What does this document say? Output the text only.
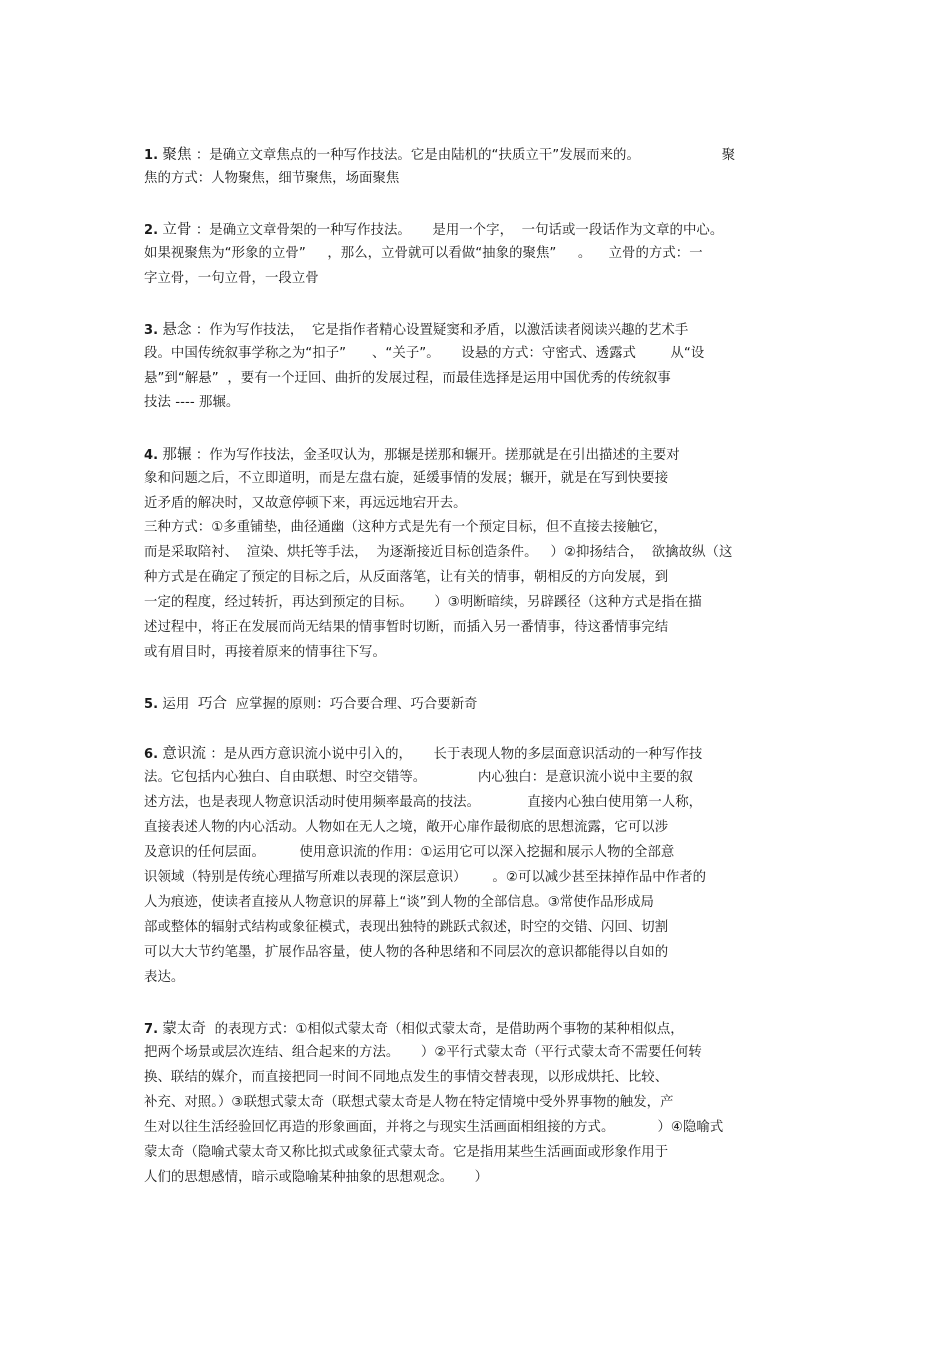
1. 聚焦 ：是确立文章焦点的一种写作技法。它是由陆机的“扶质立干”发展而来的。                   聚
焦的方式：人物聚焦，细节聚焦，场面聚焦
2. 立骨 ：是确立文章骨架的一种写作技法。     是用一个字，  一句话或一段话作为文章的中心。
如果视聚焦为“形象的立骨”     ，那么，立骨就可以看做“抽象的聚焦”     。    立骨的方式：一
字立骨，一句立骨，一段立骨
3. 悬念 ：作为写作技法，  它是指作者精心设置疑窦和矛盾，以激活读者阅读兴趣的艺术手
段。中国传统叙事学称之为“扣子”      、“关子”。     设悬的方式：守密式、透露式        从“设
悬”到“解悬”  ，要有一个迂回、曲折的发展过程，而最佳选择是运用中国优秀的传统叙事
技法 ---- 那辗。
4. 那辗 ：作为写作技法，金圣叹认为，那辗是搓那和辗开。搓那就是在引出描述的主要对
象和问题之后，不立即道明，而是左盘右旋，延缓事情的发展；辗开，就是在写到快要接
近矛盾的解决时，又故意停顿下来，再远远地宕开去。
三种方式：①多重铺垫，曲径通幽（这种方式是先有一个预定目标，但不直接去接触它，
而是采取陪衬、  渲染、烘托等手法，  为逐渐接近目标创造条件。   ）②抑扬结合，  欲擒故纵（这
种方式是在确定了预定的目标之后，从反面落笔，让有关的情事，朝相反的方向发展，到
一定的程度，经过转折，再达到预定的目标。     ）③明断暗续，另辟蹊径（这种方式是指在描
述过程中，将正在发展而尚无结果的情事暂时切断，而插入另一番情事，待这番情事完结
或有眉目时，再接着原来的情事往下写。
5. 运用  巧合  应掌握的原则：巧合要合理、巧合要新奇
6. 意识流 ：是从西方意识流小说中引入的，     长于表现人物的多层面意识活动的一种写作技
法。它包括内心独白、自由联想、时空交错等。            内心独白：是意识流小说中主要的叙
述方法，也是表现人物意识活动时使用频率最高的技法。           直接内心独白使用第一人称，
直接表述人物的内心活动。人物如在无人之境，敞开心扉作最彻底的思想流露，它可以涉
及意识的任何层面。        使用意识流的作用：①运用它可以深入挖掘和展示人物的全部意
识领域（特别是传统心理描写所难以表现的深层意识）      。②可以减少甚至抹掉作品中作者的
人为痕迹，使读者直接从人物意识的屏幕上“谈”到人物的全部信息。③常使作品形成局
部或整体的辐射式结构或象征模式，表现出独特的跳跃式叙述，时空的交错、闪回、切割
可以大大节约笔墨，扩展作品容量，使人物的各种思绪和不同层次的意识都能得以自如的
表达。
7. 蒙太奇  的表现方式：①相似式蒙太奇（相似式蒙太奇，是借助两个事物的某种相似点，
把两个场景或层次连结、组合起来的方法。     ）②平行式蒙太奇（平行式蒙太奇不需要任何转
换、联结的媒介，而直接把同一时间不同地点发生的事情交替表现，以形成烘托、比较、
补充、对照。）③联想式蒙太奇（联想式蒙太奇是人物在特定情境中受外界事物的触发，产
生对以往生活经验回忆再造的形象画面，并将之与现实生活画面相组接的方式。          ）④隐喻式
蒙太奇（隐喻式蒙太奇又称比拟式或象征式蒙太奇。它是指用某些生活画面或形象作用于
人们的思想感情，暗示或隐喻某种抽象的思想观念。     ）
